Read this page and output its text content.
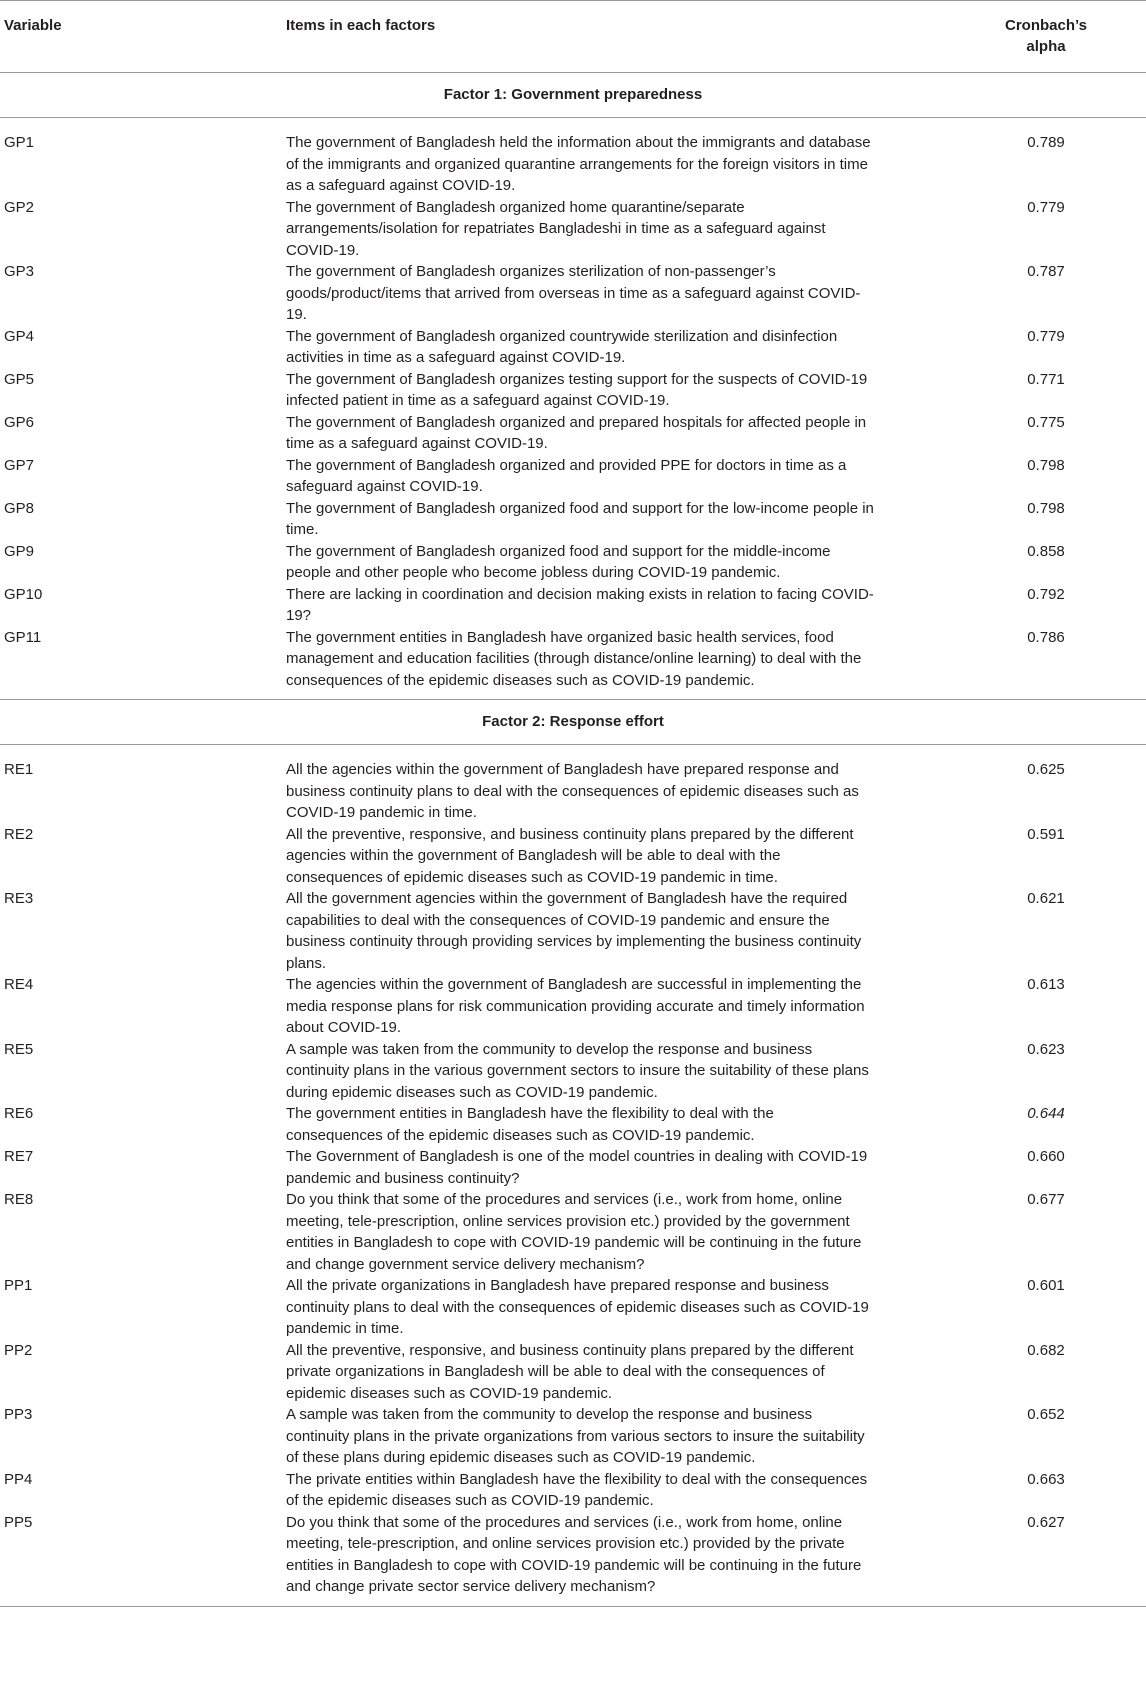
Variable	Items in each factors	Cronbach’s
alpha
Factor 1: Government preparedness
GP1	The government of Bangladesh held the information about the immigrants and database of the immigrants and organized quarantine arrangements for the foreign visitors in time as a safeguard against COVID-19.
0.789
GP2	The government of Bangladesh organized home quarantine/separate arrangements/isolation for repatriates Bangladeshi in time as a safeguard against COVID-19.
0.779
GP3	The government of Bangladesh organizes sterilization of non-passenger’s goods/product/items that arrived from overseas in time as a safeguard against COVID-19.
0.787
GP4	The government of Bangladesh organized countrywide sterilization and disinfection activities in time as a safeguard against COVID-19.
0.779
GP5	The government of Bangladesh organizes testing support for the suspects of COVID-19 infected patient in time as a safeguard against COVID-19.
0.771
GP6	The government of Bangladesh organized and prepared hospitals for affected people in time as a safeguard against COVID-19.
0.775
GP7	The government of Bangladesh organized and provided PPE for doctors in time as a safeguard against COVID-19.
0.798
GP8	The government of Bangladesh organized food and support for the low-income people in time.
0.798
GP9	The government of Bangladesh organized food and support for the middle-income people and other people who become jobless during COVID-19 pandemic.
0.858
GP10	There are lacking in coordination and decision making exists in relation to facing COVID-19?
0.792
GP11	The government entities in Bangladesh have organized basic health services, food management and education facilities (through distance/online learning) to deal with the consequences of the epidemic diseases such as COVID-19 pandemic.
0.786
Factor 2: Response effort
RE1	All the agencies within the government of Bangladesh have prepared response and business continuity plans to deal with the consequences of epidemic diseases such as COVID-19 pandemic in time.
0.625
RE2	All the preventive, responsive, and business continuity plans prepared by the different agencies within the government of Bangladesh will be able to deal with the consequences of epidemic diseases such as COVID-19 pandemic in time.
0.591
RE3	All the government agencies within the government of Bangladesh have the required capabilities to deal with the consequences of COVID-19 pandemic and ensure the business continuity through providing services by implementing the business continuity plans.
0.621
RE4	The agencies within the government of Bangladesh are successful in implementing the media response plans for risk communication providing accurate and timely information about COVID-19.
0.613
RE5	A sample was taken from the community to develop the response and business continuity plans in the various government sectors to insure the suitability of these plans during epidemic diseases such as COVID-19 pandemic.
0.623
RE6	The government entities in Bangladesh have the flexibility to deal with the consequences of the epidemic diseases such as COVID-19 pandemic.
0.644
RE7	The Government of Bangladesh is one of the model countries in dealing with COVID-19 pandemic and business continuity?
0.660
RE8	Do you think that some of the procedures and services (i.e., work from home, online meeting, tele-prescription, online services provision etc.) provided by the government entities in Bangladesh to cope with COVID-19 pandemic will be continuing in the future and change government service delivery mechanism?
0.677
PP1	All the private organizations in Bangladesh have prepared response and business continuity plans to deal with the consequences of epidemic diseases such as COVID-19 pandemic in time.
0.601
PP2	All the preventive, responsive, and business continuity plans prepared by the different private organizations in Bangladesh will be able to deal with the consequences of epidemic diseases such as COVID-19 pandemic.
0.682
PP3	A sample was taken from the community to develop the response and business continuity plans in the private organizations from various sectors to insure the suitability of these plans during epidemic diseases such as COVID-19 pandemic.
0.652
PP4	The private entities within Bangladesh have the flexibility to deal with the consequences of the epidemic diseases such as COVID-19 pandemic.
0.663
PP5	Do you think that some of the procedures and services (i.e., work from home, online meeting, tele-prescription, and online services provision etc.) provided by the private entities in Bangladesh to cope with COVID-19 pandemic will be continuing in the future and change private sector service delivery mechanism?
0.627
